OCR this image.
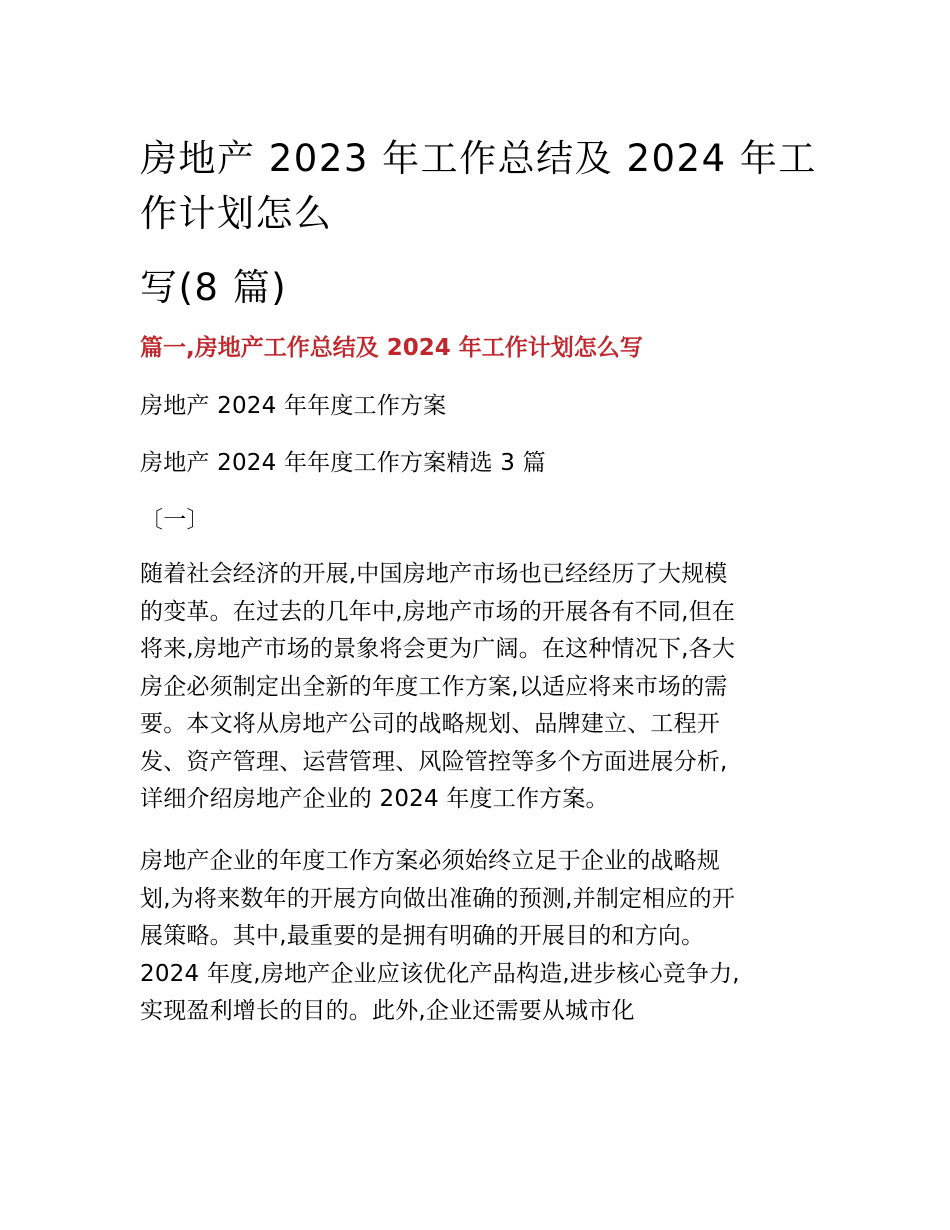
房地产 2023 年工作总结及 2024 年工
作计划怎么
写(8 篇)
篇一,房地产工作总结及 2024 年工作计划怎么写
房地产 2024 年年度工作方案
房地产 2024 年年度工作方案精选 3 篇
〔一〕
随着社会经济的开展,中国房地产市场也已经经历了大规模
的变革。在过去的几年中,房地产市场的开展各有不同,但在
将来,房地产市场的景象将会更为广阔。在这种情况下,各大
房企必须制定出全新的年度工作方案,以适应将来市场的需
要。本文将从房地产公司的战略规划、品牌建立、工程开
发、资产管理、运营管理、风险管控等多个方面进展分析,
详细介绍房地产企业的 2024 年度工作方案。
房地产企业的年度工作方案必须始终立足于企业的战略规
划,为将来数年的开展方向做出准确的预测,并制定相应的开
展策略。其中,最重要的是拥有明确的开展目的和方向。
2024 年度,房地产企业应该优化产品构造,进步核心竞争力,
实现盈利增长的目的。此外,企业还需要从城市化
